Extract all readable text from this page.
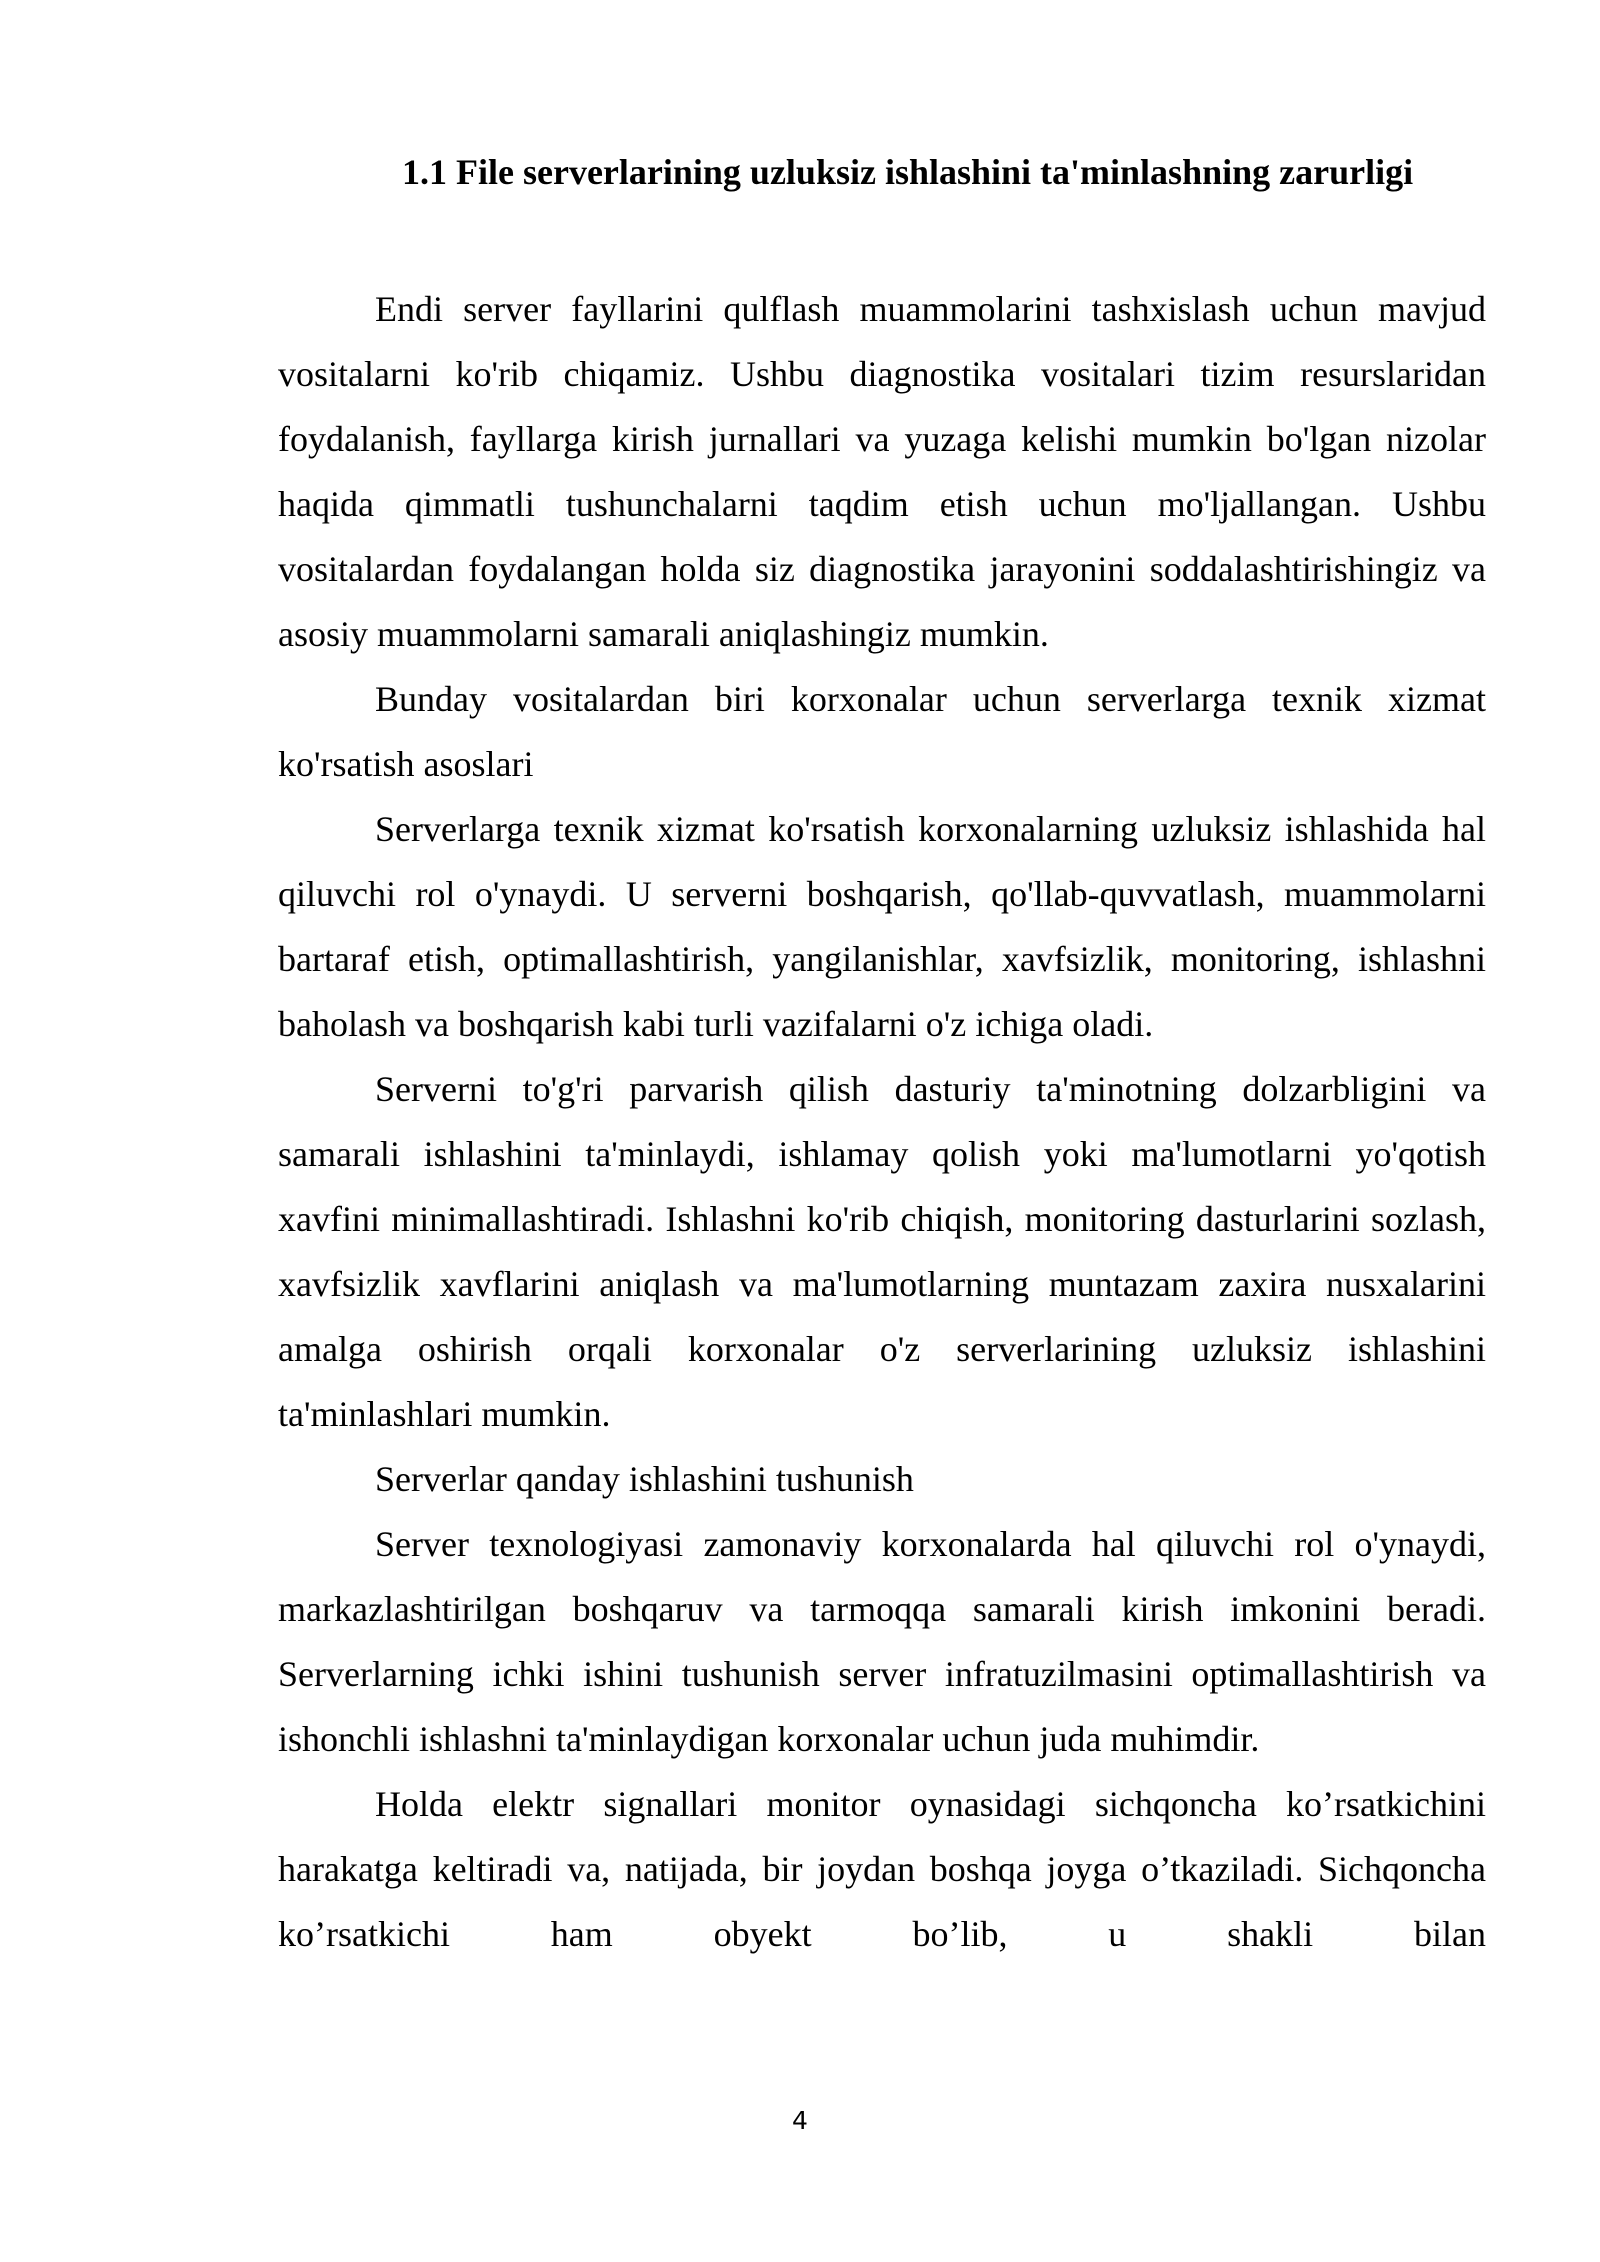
1.1 File serverlarining uzluksiz ishlashini ta'minlashning zarurligi

Endi server fayllarini qulflash muammolarini tashxislash uchun mavjud vositalarni ko'rib chiqamiz. Ushbu diagnostika vositalari tizim resurslaridan foydalanish, fayllarga kirish jurnallari va yuzaga kelishi mumkin bo'lgan nizolar haqida qimmatli tushunchalarni taqdim etish uchun mo'ljallangan. Ushbu vositalardan foydalangan holda siz diagnostika jarayonini soddalashtirishingiz va asosiy muammolarni samarali aniqlashingiz mumkin.

Bunday vositalardan biri korxonalar uchun serverlarga texnik xizmat ko'rsatish asoslari

Serverlarga texnik xizmat ko'rsatish korxonalarning uzluksiz ishlashida hal qiluvchi rol o'ynaydi. U serverni boshqarish, qo'llab-quvvatlash, muammolarni bartaraf etish, optimallashtirish, yangilanishlar, xavfsizlik, monitoring, ishlashni baholash va boshqarish kabi turli vazifalarni o'z ichiga oladi.

Serverni to'g'ri parvarish qilish dasturiy ta'minotning dolzarbligini va samarali ishlashini ta'minlaydi, ishlamay qolish yoki ma'lumotlarni yo'qotish xavfini minimallashtiradi. Ishlashni ko'rib chiqish, monitoring dasturlarini sozlash, xavfsizlik xavflarini aniqlash va ma'lumotlarning muntazam zaxira nusxalarini amalga oshirish orqali korxonalar o'z serverlarining uzluksiz ishlashini ta'minlashlari mumkin.

Serverlar qanday ishlashini tushunish

Server texnologiyasi zamonaviy korxonalarda hal qiluvchi rol o'ynaydi, markazlashtirilgan boshqaruv va tarmoqqa samarali kirish imkonini beradi. Serverlarning ichki ishini tushunish server infratuzilmasini optimallashtirish va ishonchli ishlashni ta'minlaydigan korxonalar uchun juda muhimdir.

Holda elektr signallari monitor oynasidagi sichqoncha ko’rsatkichini harakatga keltiradi va, natijada, bir joydan boshqa joyga o’tkaziladi. Sichqoncha ko’rsatkichi ham obyekt bo’lib, u shakli bilan

4
